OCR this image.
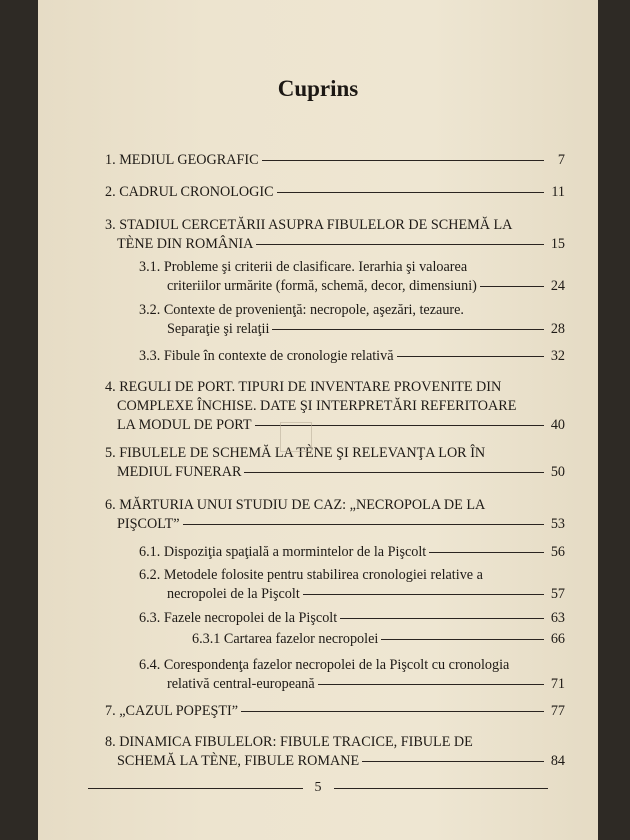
Cuprins
1. MEDIUL GEOGRAFIC	7
2. CADRUL CRONOLOGIC	11
3. STADIUL CERCETĂRII ASUPRA FIBULELOR DE SCHEMĂ LA
TÈNE DIN ROMÂNIA	15
3.1. Probleme şi criterii de clasificare. Ierarhia şi valoarea
criteriilor urmărite (formă, schemă, decor, dimensiuni)	24
3.2. Contexte de provenienţă: necropole, aşezări, tezaure.
Separaţie şi relaţii	28
3.3. Fibule în contexte de cronologie relativă	32
4. REGULI DE PORT. TIPURI DE INVENTARE PROVENITE DIN
COMPLEXE ÎNCHISE. DATE ŞI INTERPRETĂRI REFERITOARE
LA MODUL DE PORT	40
5. FIBULELE DE SCHEMĂ LA TÈNE ŞI RELEVANŢA LOR ÎN
MEDIUL FUNERAR	50
6. MĂRTURIA UNUI STUDIU DE CAZ: „NECROPOLA DE LA
PIŞCOLT”	53
6.1. Dispoziţia spaţială a mormintelor de la Pişcolt	56
6.2. Metodele folosite pentru stabilirea cronologiei relative a
necropolei de la Pişcolt	57
6.3. Fazele necropolei de la Pişcolt	63
6.3.1 Cartarea fazelor necropolei	66
6.4. Corespondenţa fazelor necropolei de la Pişcolt cu cronologia
relativă central-europeană	71
7. „CAZUL POPEŞTI”	77
8. DINAMICA FIBULELOR: FIBULE TRACICE, FIBULE DE
SCHEMĂ LA TÈNE, FIBULE ROMANE	84
5
